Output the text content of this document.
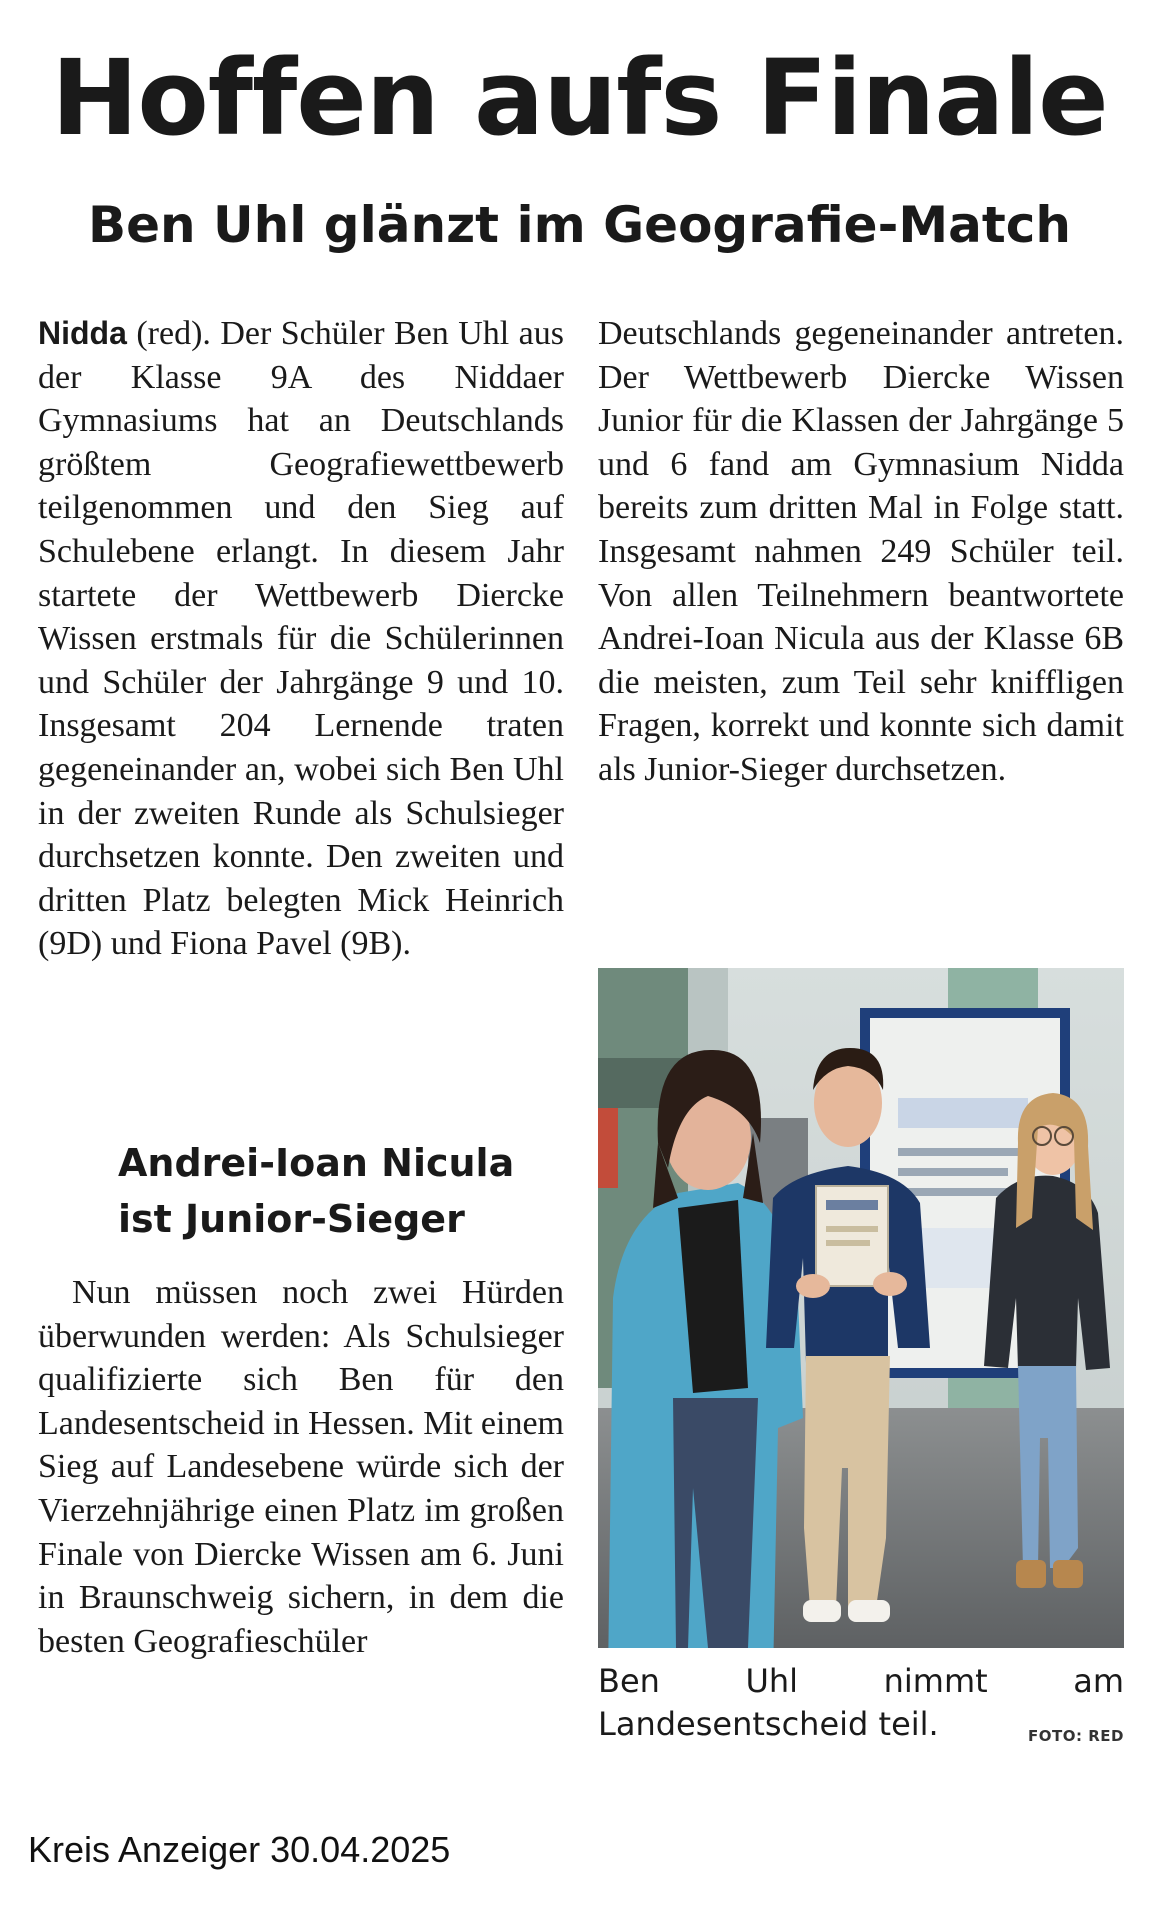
Hoffen aufs Finale
Ben Uhl glänzt im Geografie-Match

Nidda (red). Der Schüler Ben Uhl aus der Klasse 9A des Niddaer Gymnasiums hat an Deutschlands größtem Geografiewettbewerb teilgenommen und den Sieg auf Schulebene erlangt. In diesem Jahr startete der Wettbewerb Diercke Wissen erstmals für die Schülerinnen und Schüler der Jahrgänge 9 und 10. Insgesamt 204 Lernende traten gegeneinander an, wobei sich Ben Uhl in der zweiten Runde als Schulsieger durchsetzen konnte. Den zweiten und dritten Platz belegten Mick Heinrich (9D) und Fiona Pavel (9B).

Andrei-Ioan Nicula ist Junior-Sieger

Nun müssen noch zwei Hürden überwunden werden: Als Schulsieger qualifizierte sich Ben für den Landesentscheid in Hessen. Mit einem Sieg auf Landesebene würde sich der Vierzehnjährige einen Platz im großen Finale von Diercke Wissen am 6. Juni in Braunschweig sichern, in dem die besten Geografieschüler

Deutschlands gegeneinander antreten. Der Wettbewerb Diercke Wissen Junior für die Klassen der Jahrgänge 5 und 6 fand am Gymnasium Nidda bereits zum dritten Mal in Folge statt. Insgesamt nahmen 249 Schüler teil. Von allen Teilnehmern beantwortete Andrei-Ioan Nicula aus der Klasse 6B die meisten, zum Teil sehr kniffligen Fragen, korrekt und konnte sich damit als Junior-Sieger durchsetzen.

Ben Uhl nimmt am Landesentscheid teil.	FOTO: RED

Kreis Anzeiger 30.04.2025
